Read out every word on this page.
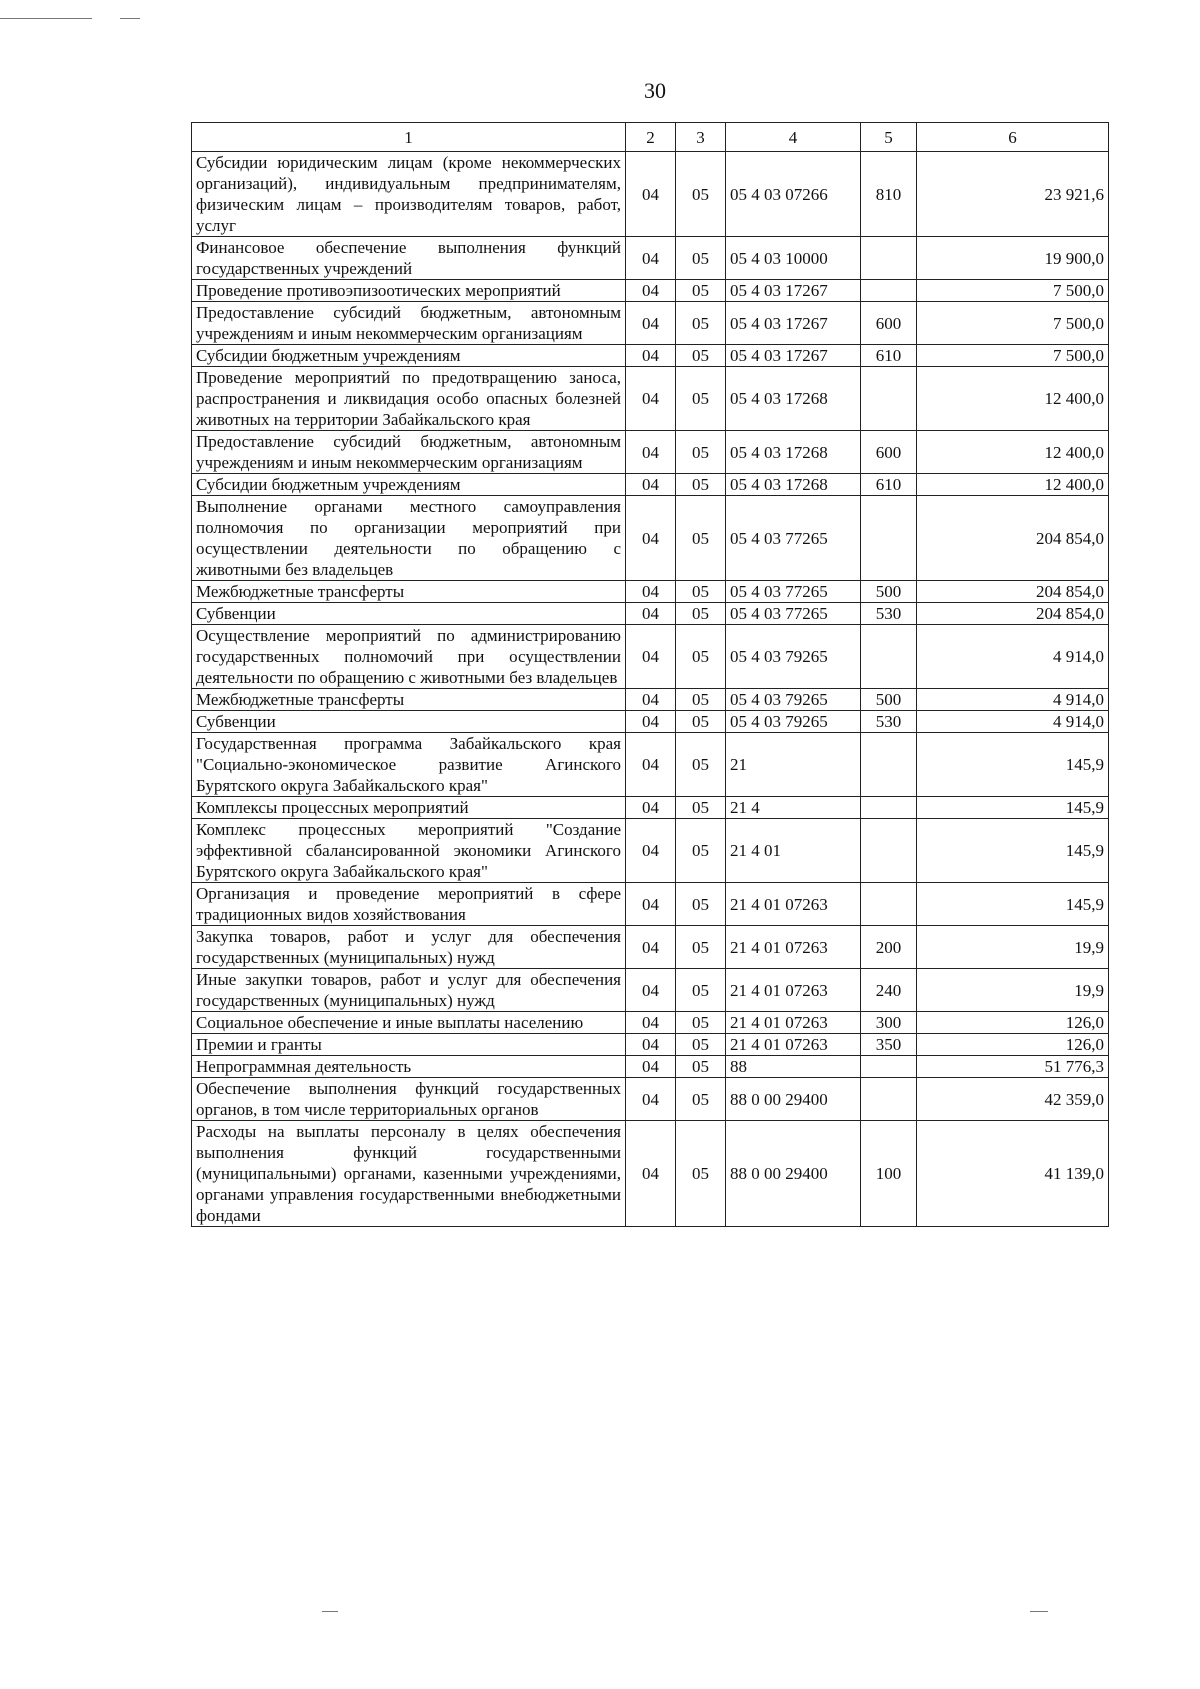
30
1	2	3	4	5	6
Субсидии юридическим лицам (кроме некоммерческих организаций), индивидуальным предпринимателям, физическим лицам – производителям товаров, работ, услуг	04	05	05 4 03 07266	810	23 921,6
Финансовое обеспечение выполнения функций государственных учреждений	04	05	05 4 03 10000		19 900,0
Проведение противоэпизоотических мероприятий	04	05	05 4 03 17267		7 500,0
Предоставление субсидий бюджетным, автономным учреждениям и иным некоммерческим организациям	04	05	05 4 03 17267	600	7 500,0
Субсидии бюджетным учреждениям	04	05	05 4 03 17267	610	7 500,0
Проведение мероприятий по предотвращению заноса, распространения и ликвидация особо опасных болезней животных на территории Забайкальского края	04	05	05 4 03 17268		12 400,0
Предоставление субсидий бюджетным, автономным учреждениям и иным некоммерческим организациям	04	05	05 4 03 17268	600	12 400,0
Субсидии бюджетным учреждениям	04	05	05 4 03 17268	610	12 400,0
Выполнение органами местного самоуправления полномочия по организации мероприятий при осуществлении деятельности по обращению с животными без владельцев	04	05	05 4 03 77265		204 854,0
Межбюджетные трансферты	04	05	05 4 03 77265	500	204 854,0
Субвенции	04	05	05 4 03 77265	530	204 854,0
Осуществление мероприятий по администрированию государственных полномочий при осуществлении деятельности по обращению с животными без владельцев	04	05	05 4 03 79265		4 914,0
Межбюджетные трансферты	04	05	05 4 03 79265	500	4 914,0
Субвенции	04	05	05 4 03 79265	530	4 914,0
Государственная программа Забайкальского края "Социально-экономическое развитие Агинского Бурятского округа Забайкальского края"	04	05	21		145,9
Комплексы процессных мероприятий	04	05	21 4		145,9
Комплекс процессных мероприятий "Создание эффективной сбалансированной экономики Агинского Бурятского округа Забайкальского края"	04	05	21 4 01		145,9
Организация и проведение мероприятий в сфере традиционных видов хозяйствования	04	05	21 4 01 07263		145,9
Закупка товаров, работ и услуг для обеспечения государственных (муниципальных) нужд	04	05	21 4 01 07263	200	19,9
Иные закупки товаров, работ и услуг для обеспечения государственных (муниципальных) нужд	04	05	21 4 01 07263	240	19,9
Социальное обеспечение и иные выплаты населению	04	05	21 4 01 07263	300	126,0
Премии и гранты	04	05	21 4 01 07263	350	126,0
Непрограммная деятельность	04	05	88		51 776,3
Обеспечение выполнения функций государственных органов, в том числе территориальных органов	04	05	88 0 00 29400		42 359,0
Расходы на выплаты персоналу в целях обеспечения выполнения функций государственными (муниципальными) органами, казенными учреждениями, органами управления государственными внебюджетными фондами	04	05	88 0 00 29400	100	41 139,0
